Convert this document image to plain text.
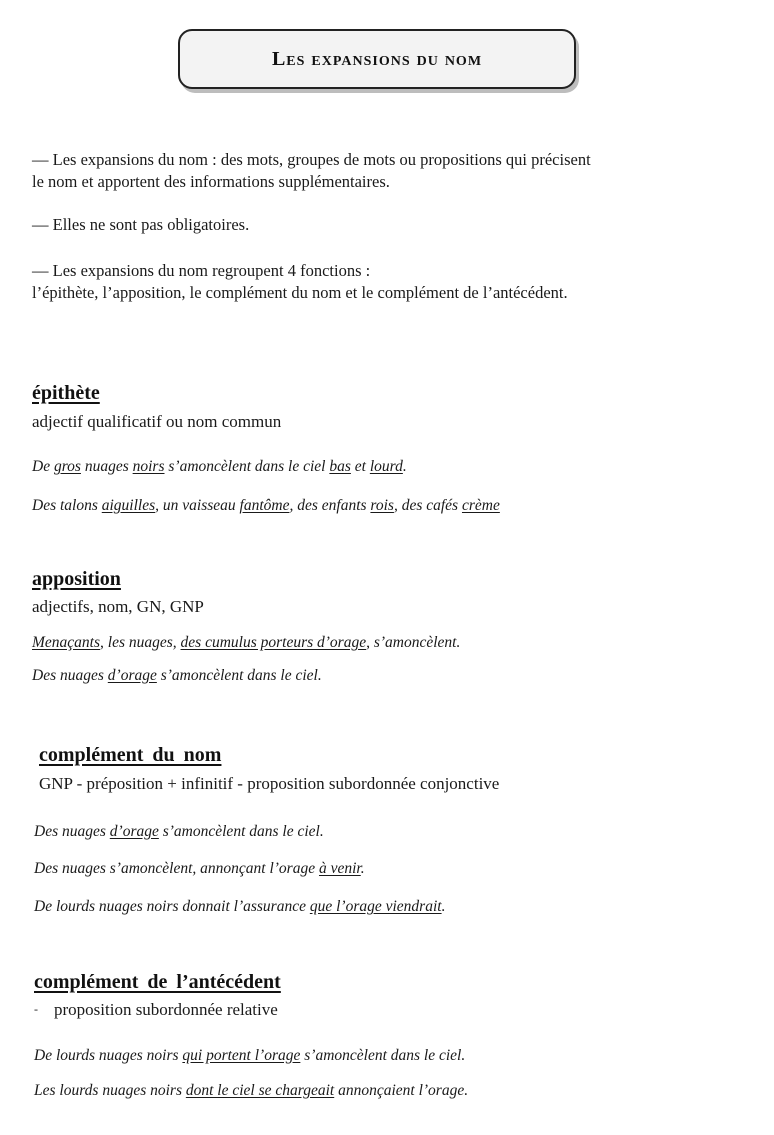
Les expansions du nom
— Les expansions du nom : des mots, groupes de mots ou propositions qui précisent
le nom et apportent des informations supplémentaires.
— Elles ne sont pas obligatoires.
— Les expansions du nom regroupent 4 fonctions :
l’épithète, l’apposition, le complément du nom et le complément de l’antécédent.
épithète
adjectif qualificatif ou nom commun
De gros nuages noirs s’amoncèlent dans le ciel bas et lourd.
Des talons aiguilles, un vaisseau fantôme, des enfants rois, des cafés crème
apposition
adjectifs, nom, GN, GNP
Menaçants, les nuages, des cumulus porteurs d’orage, s’amoncèlent.
Des nuages d’orage s’amoncèlent dans le ciel.
complément du nom
GNP - préposition + infinitif - proposition subordonnée conjonctive
Des nuages d’orage s’amoncèlent dans le ciel.
Des nuages s’amoncèlent, annonçant l’orage à venir.
De lourds nuages noirs donnait l’assurance que l’orage viendrait.
complément de l’antécédent
- proposition subordonnée relative
De lourds nuages noirs qui portent l’orage s’amoncèlent dans le ciel.
Les lourds nuages noirs dont le ciel se chargeait annonçaient l’orage.
